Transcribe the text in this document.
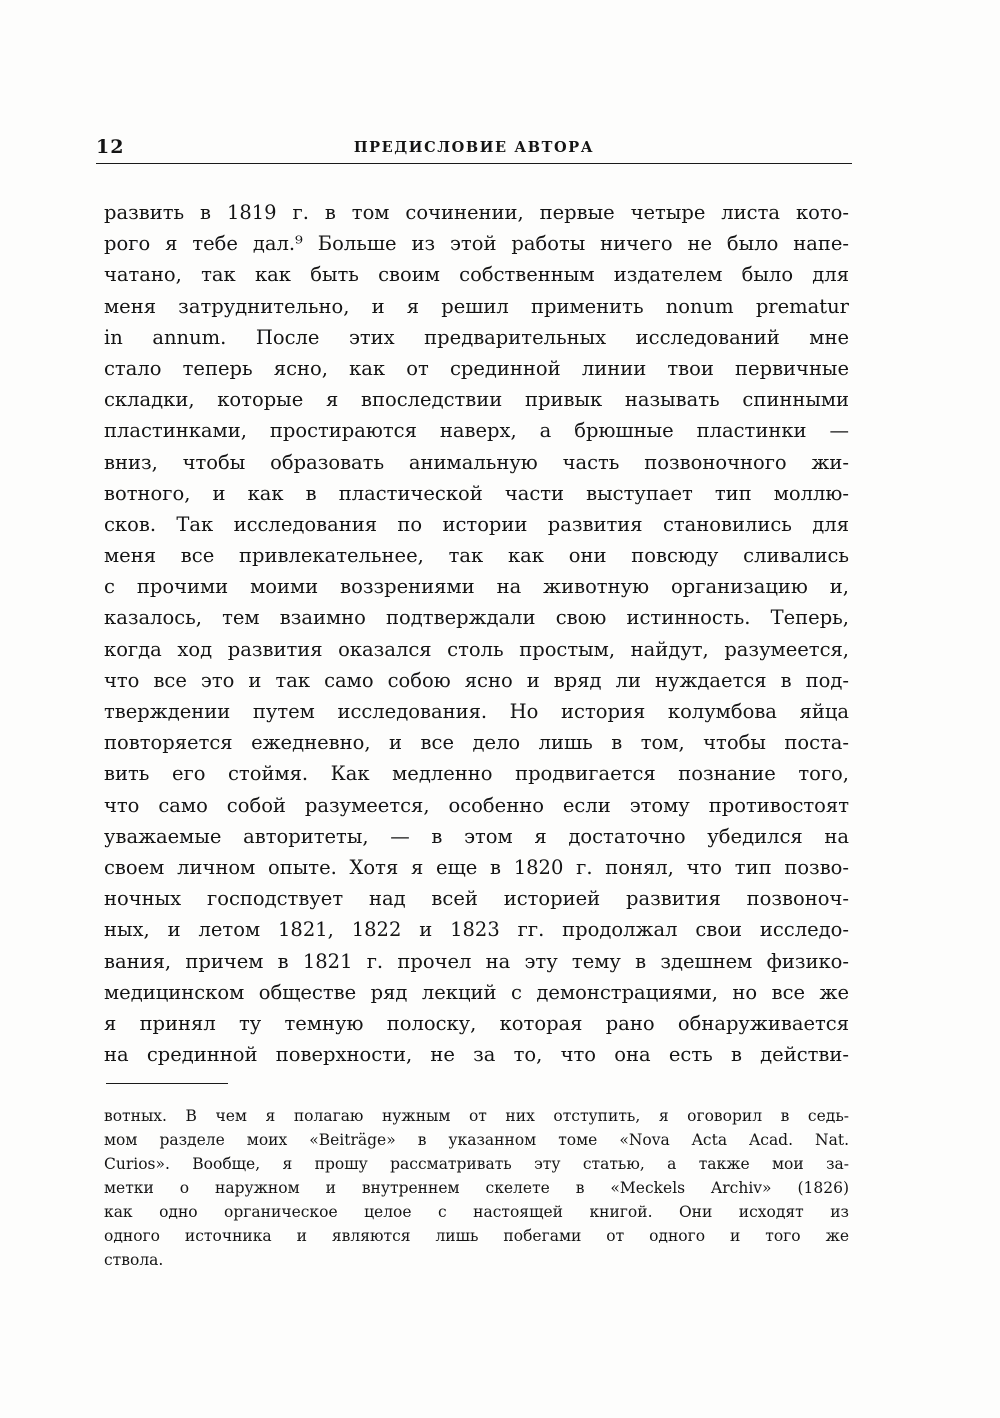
12	ПРЕДИСЛОВИЕ АВТОРА
развить в 1819 г. в том сочинении, первые четыре листа кото-
рого я тебе дал.⁹ Больше из этой работы ничего не было напе-
чатано, так как быть своим собственным издателем было для
меня затруднительно, и я решил применить nonum prematur
in annum. После этих предварительных исследований мне
стало теперь ясно, как от срединной линии твои первичные
складки, которые я впоследствии привык называть спинными
пластинками, простираются наверх, а брюшные пластинки —
вниз, чтобы образовать анимальную часть позвоночного жи-
вотного, и как в пластической части выступает тип моллю-
сков. Так исследования по истории развития становились для
меня все привлекательнее, так как они повсюду сливались
с прочими моими воззрениями на животную организацию и,
казалось, тем взаимно подтверждали свою истинность. Теперь,
когда ход развития оказался столь простым, найдут, разумеется,
что все это и так само собою ясно и вряд ли нуждается в под-
тверждении путем исследования. Но история колумбова яйца
повторяется ежедневно, и все дело лишь в том, чтобы поста-
вить его стоймя. Как медленно продвигается познание того,
что само собой разумеется, особенно если этому противостоят
уважаемые авторитеты, — в этом я достаточно убедился на
своем личном опыте. Хотя я еще в 1820 г. понял, что тип позво-
ночных господствует над всей историей развития позвоноч-
ных, и летом 1821, 1822 и 1823 гг. продолжал свои исследо-
вания, причем в 1821 г. прочел на эту тему в здешнем физико-
медицинском обществе ряд лекций с демонстрациями, но все же
я принял ту темную полоску, которая рано обнаруживается
на срединной поверхности, не за то, что она есть в действи-
вотных. В чем я полагаю нужным от них отступить, я оговорил в седь-
мом разделе моих «Beiträge» в указанном томе «Nova Acta Acad. Nat.
Curios». Вообще, я прошу рассматривать эту статью, а также мои за-
метки о наружном и внутреннем скелете в «Meckels Archiv» (1826)
как одно органическое целое с настоящей книгой. Они исходят из
одного источника и являются лишь побегами от одного и того же
ствола.
